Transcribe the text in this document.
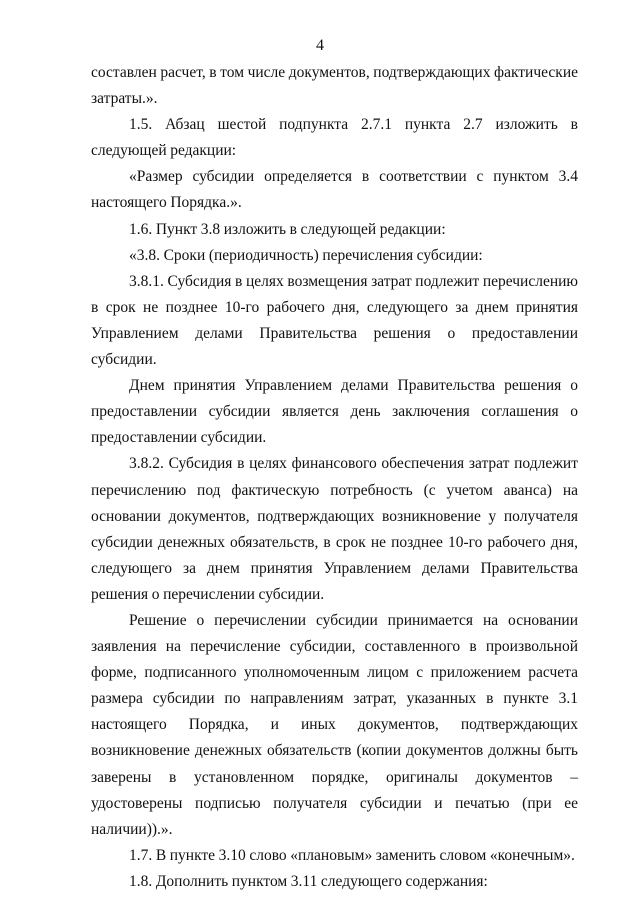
4

составлен расчет, в том числе документов, подтверждающих фактические затраты.».

1.5. Абзац шестой подпункта 2.7.1 пункта 2.7 изложить в следующей редакции:

«Размер субсидии определяется в соответствии с пунктом 3.4 настоящего Порядка.».

1.6. Пункт 3.8 изложить в следующей редакции:

«3.8. Сроки (периодичность) перечисления субсидии:

3.8.1. Субсидия в целях возмещения затрат подлежит перечислению в срок не позднее 10-го рабочего дня, следующего за днем принятия Управлением делами Правительства решения о предоставлении субсидии.

Днем принятия Управлением делами Правительства решения о предоставлении субсидии является день заключения соглашения о предоставлении субсидии.

3.8.2. Субсидия в целях финансового обеспечения затрат подлежит перечислению под фактическую потребность (с учетом аванса) на основании документов, подтверждающих возникновение у получателя субсидии денежных обязательств, в срок не позднее 10-го рабочего дня, следующего за днем принятия Управлением делами Правительства решения о перечислении субсидии.

Решение о перечислении субсидии принимается на основании заявления на перечисление субсидии, составленного в произвольной форме, подписанного уполномоченным лицом с приложением расчета размера субсидии по направлениям затрат, указанных в пункте 3.1 настоящего Порядка, и иных документов, подтверждающих возникновение денежных обязательств (копии документов должны быть заверены в установленном порядке, оригиналы документов – удостоверены подписью получателя субсидии и печатью (при ее наличии)).».

1.7. В пункте 3.10 слово «плановым» заменить словом «конечным».

1.8. Дополнить пунктом 3.11 следующего содержания:
